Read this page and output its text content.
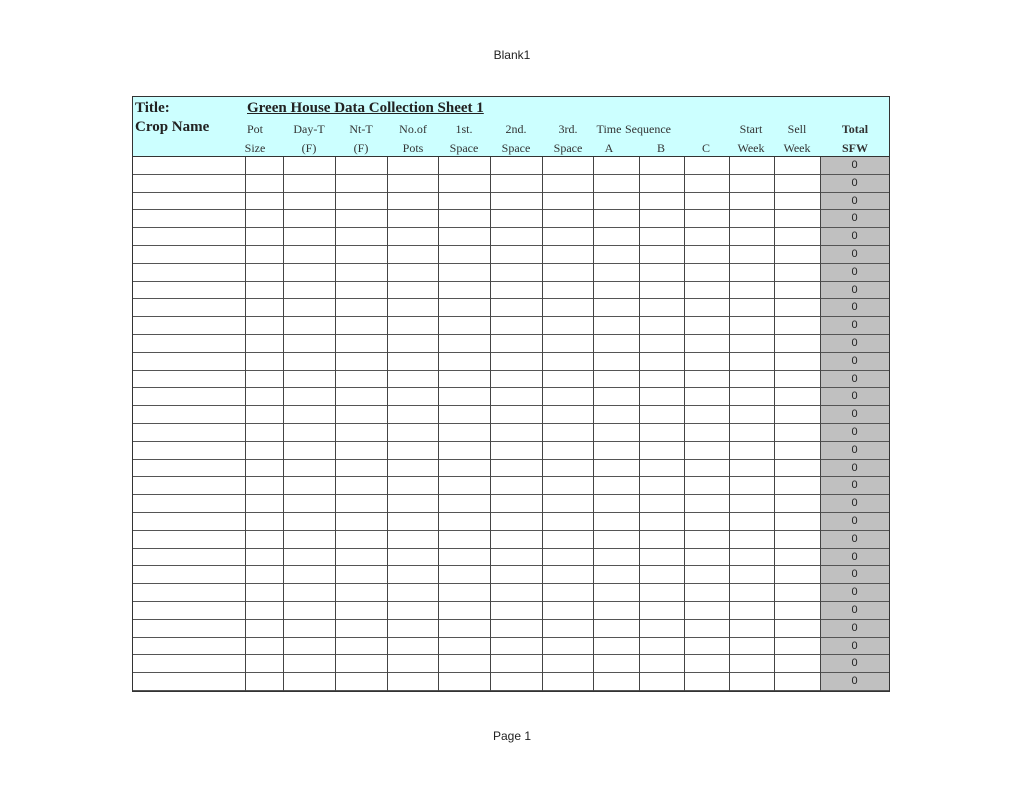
Blank1
Title:
Crop Name
Green House Data Collection Sheet 1
Pot
Size
Day-T
(F)
Nt-T
(F)
No.of
Pots
1st.
Space
2nd.
Space
3rd.
Space
Time
A
Sequence
B	C
Start
Week
Sell
Week
Total
SFW
0
0
0
0
0
0
0
0
0
0
0
0
0
0
0
0
0
0
0
0
0
0
0
0
0
0
0
0
0
0
Page 1
